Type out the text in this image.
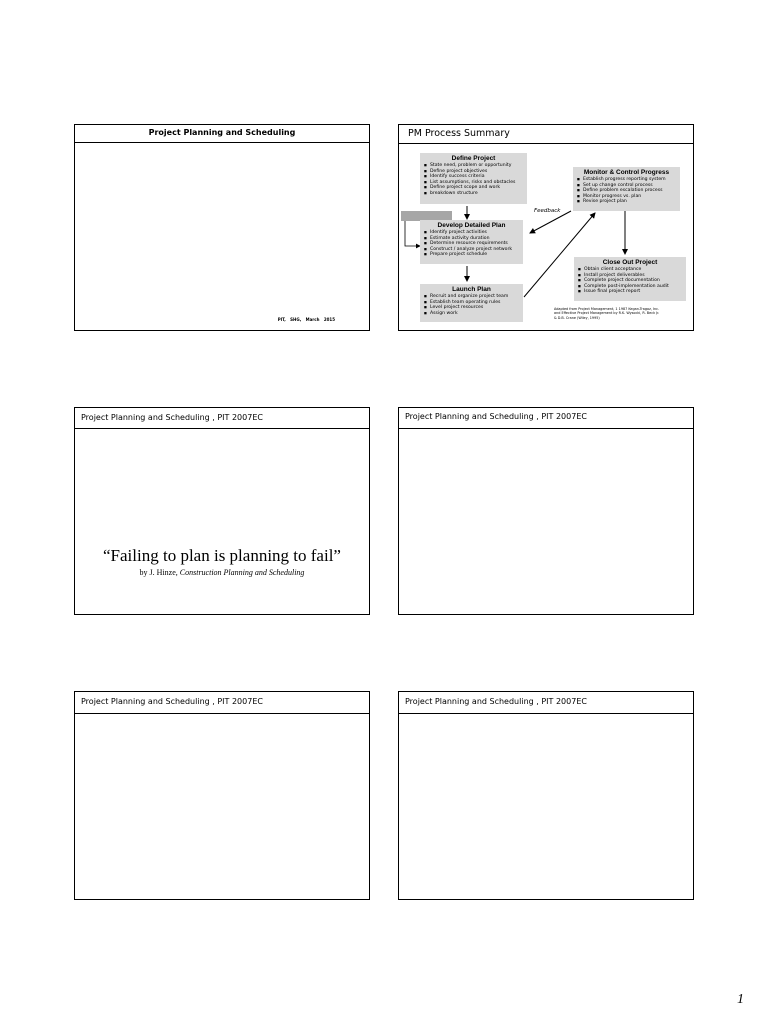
Project Planning and Scheduling
PIT, SHG, March 2015
PM Process Summary
Define Project
■ State need, problem or opportunity
■ Define project objectives
■ Identify success criteria
■ List assumptions, risks and obstacles
■ Define project scope and work
■ breakdown structure
Develop Detailed Plan
■ Identify project activities
■ Estimate activity duration
■ Determine resource requirements
■ Construct / analyze project network
■ Prepare project schedule
Feedback
Monitor & Control Progress
■ Establish progress reporting system
■ Set up change control process
■ Define problem escalation process
■ Monitor progress vs. plan
■ Revise project plan
Close Out Project
■ Obtain client acceptance
■ Install project deliverables
■ Complete project documentation
■ Complete post-implementation audit
■ Issue final project report
Launch Plan
■ Recruit and organize project team
■ Establish team operating rules
■ Level project resources
■ Assign work
Adapted from Project Management, 1 1987 Kegan-Tragoz, Inc.
and Effective Project Management by R.K. Wysocki, R. Beck Jr.
& D.B. Crane (Wiley, 1995)
Project Planning and Scheduling , PIT 2007EC
“Failing to plan is planning to fail”
by J. Hinze, Construction Planning and Scheduling
Project Planning and Scheduling , PIT 2007EC
Project Planning and Scheduling , PIT 2007EC	Project Planning and Scheduling , PIT 2007EC
1
